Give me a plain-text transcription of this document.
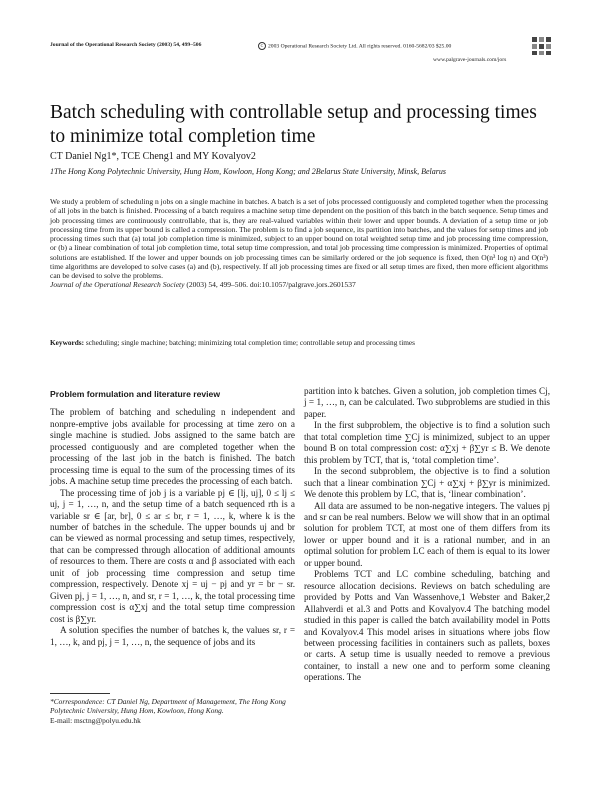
Journal of the Operational Research Society (2003) 54, 499–506	C 2003 Operational Research Society Ltd. All rights reserved. 0160-5682/03 $25.00
www.palgrave-journals.com/jors
Batch scheduling with controllable setup and processing times to minimize total completion time
CT Daniel Ng1*, TCE Cheng1 and MY Kovalyov2
1The Hong Kong Polytechnic University, Hung Hom, Kowloon, Hong Kong; and 2Belarus State University, Minsk, Belarus
We study a problem of scheduling n jobs on a single machine in batches. A batch is a set of jobs processed contiguously and completed together when the processing of all jobs in the batch is finished. Processing of a batch requires a machine setup time dependent on the position of this batch in the batch sequence. Setup times and job processing times are continuously controllable, that is, they are real-valued variables within their lower and upper bounds. A deviation of a setup time or job processing time from its upper bound is called a compression. The problem is to find a job sequence, its partition into batches, and the values for setup times and job processing times such that (a) total job completion time is minimized, subject to an upper bound on total weighted setup time and job processing time compression, or (b) a linear combination of total job completion time, total setup time compression, and total job processing time compression is minimized. Properties of optimal solutions are established. If the lower and upper bounds on job processing times can be similarly ordered or the job sequence is fixed, then O(n³ log n) and O(n³) time algorithms are developed to solve cases (a) and (b), respectively. If all job processing times are fixed or all setup times are fixed, then more efficient algorithms can be devised to solve the problems.
Journal of the Operational Research Society (2003) 54, 499–506. doi:10.1057/palgrave.jors.2601537
Keywords: scheduling; single machine; batching; minimizing total completion time; controllable setup and processing times

Problem formulation and literature review

The problem of batching and scheduling n independent and nonpre-emptive jobs available for processing at time zero on a single machine is studied. Jobs assigned to the same batch are processed contiguously and are completed together when the processing of the last job in the batch is finished. The batch processing time is equal to the sum of the processing times of its jobs. A machine setup time precedes the processing of each batch.

The processing time of job j is a variable pj ∈ [lj, uj], 0 ≤ lj ≤ uj, j = 1, …, n, and the setup time of a batch sequenced rth is a variable sr ∈ [ar, br], 0 ≤ ar ≤ br, r = 1, …, k, where k is the number of batches in the schedule. The upper bounds uj and br can be viewed as normal processing and setup times, respectively, that can be compressed through allocation of additional amounts of resources to them. There are costs α and β associated with each unit of job processing time compression and setup time compression, respectively. Denote xj = uj − pj and yr = br − sr. Given pj, j = 1, …, n, and sr, r = 1, …, k, the total processing time compression cost is α∑xj and the total setup time compression cost is β∑yr.

A solution specifies the number of batches k, the values sr, r = 1, …, k, and pj, j = 1, …, n, the sequence of jobs and its

partition into k batches. Given a solution, job completion times Cj, j = 1, …, n, can be calculated. Two subproblems are studied in this paper.

In the first subproblem, the objective is to find a solution such that total completion time ∑Cj is minimized, subject to an upper bound B on total compression cost: α∑xj + β∑yr ≤ B. We denote this problem by TCT, that is, ‘total completion time’.

In the second subproblem, the objective is to find a solution such that a linear combination ∑Cj + α∑xj + β∑yr is minimized. We denote this problem by LC, that is, ‘linear combination’.

All data are assumed to be non-negative integers. The values pj and sr can be real numbers. Below we will show that in an optimal solution for problem TCT, at most one of them differs from its lower or upper bound and it is a rational number, and in an optimal solution for problem LC each of them is equal to its lower or upper bound.

Problems TCT and LC combine scheduling, batching and resource allocation decisions. Reviews on batch scheduling are provided by Potts and Van Wassenhove,1 Webster and Baker,2 Allahverdi et al.3 and Potts and Kovalyov.4 The batching model studied in this paper is called the batch availability model in Potts and Kovalyov.4 This model arises in situations where jobs flow between processing facilities in containers such as pallets, boxes or carts. A setup time is usually needed to remove a previous container, to install a new one and to perform some cleaning operations. The

*Correspondence: CT Daniel Ng, Department of Management, The Hong Kong Polytechnic University, Hung Hom, Kowloon, Hong Kong.
E-mail: msctng@polyu.edu.hk
